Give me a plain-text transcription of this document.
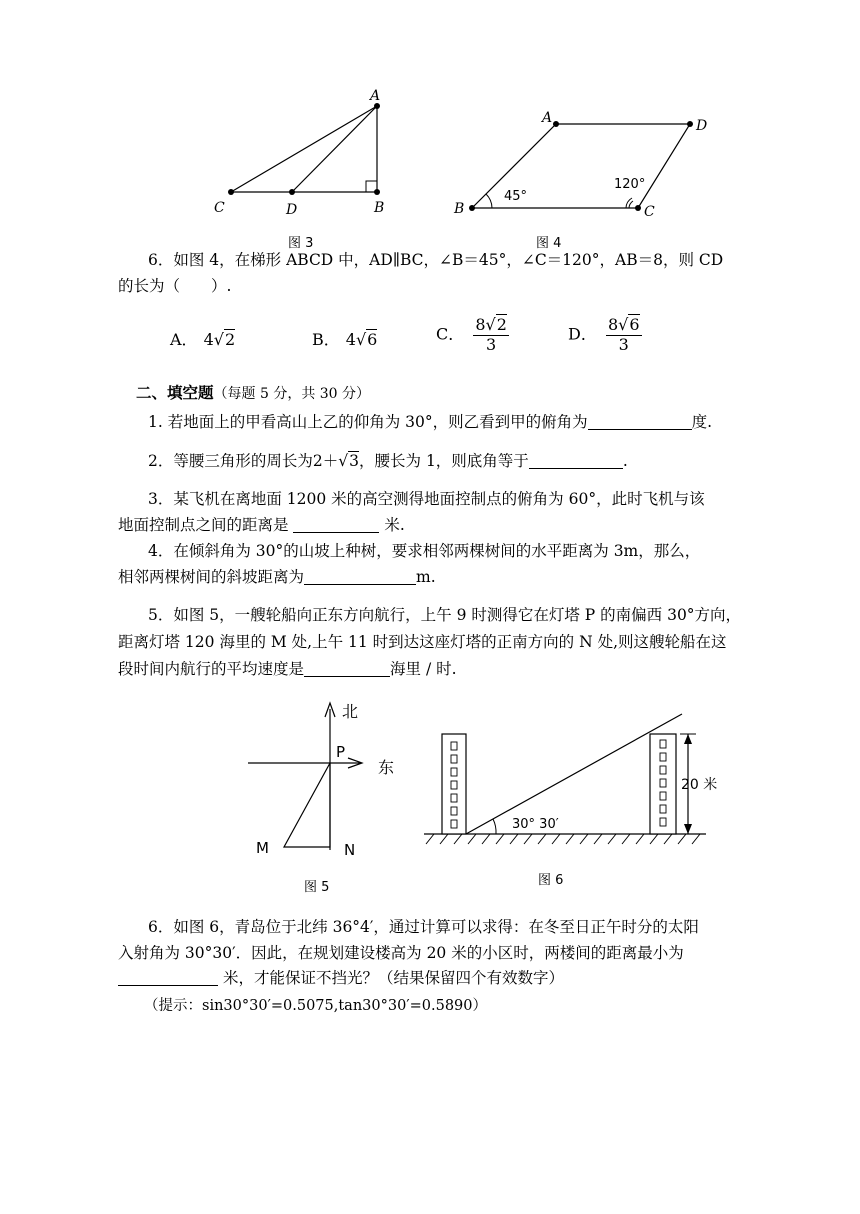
A
C	D	B
图 3
A	D
B	C
45°
120°
图 4
6．如图 4，在梯形 ABCD 中，AD∥BC，∠B＝45°，∠C＝120°，AB＝8，则 CD
的长为（　　）.
A． 4√2	B． 4√6	C． $\frac{8√2}{3}$	D． $\frac{8√6}{3}$
二、填空题（每题 5 分，共 30 分）
1. 若地面上的甲看高山上乙的仰角为 30°，则乙看到甲的俯角为	度.
2．等腰三角形的周长为2＋√3，腰长为 1，则底角等于	.
3．某飞机在离地面 1200 米的高空测得地面控制点的俯角为 60°，此时飞机与该
地面控制点之间的距离是	米.
4．在倾斜角为 30°的山坡上种树，要求相邻两棵树间的水平距离为 3m，那么，
相邻两棵树间的斜坡距离为	m.
5．如图 5，一艘轮船向正东方向航行，上午 9 时测得它在灯塔 P 的南偏西 30°方向，
距离灯塔 120 海里的 M 处,上午 11 时到达这座灯塔的正南方向的 N 处,则这艘轮船在这
段时间内航行的平均速度是	海里 / 时.
北
P
东
M	N
图 5
20 米
30° 30′
图 6
6．如图 6，青岛位于北纬 36°4′，通过计算可以求得：在冬至日正午时分的太阳
入射角为 30°30′．因此，在规划建设楼高为 20 米的小区时，两楼间的距离最小为
米，才能保证不挡光？（结果保留四个有效数字）
（提示：sin30°30′=0.5075,tan30°30′=0.5890）
